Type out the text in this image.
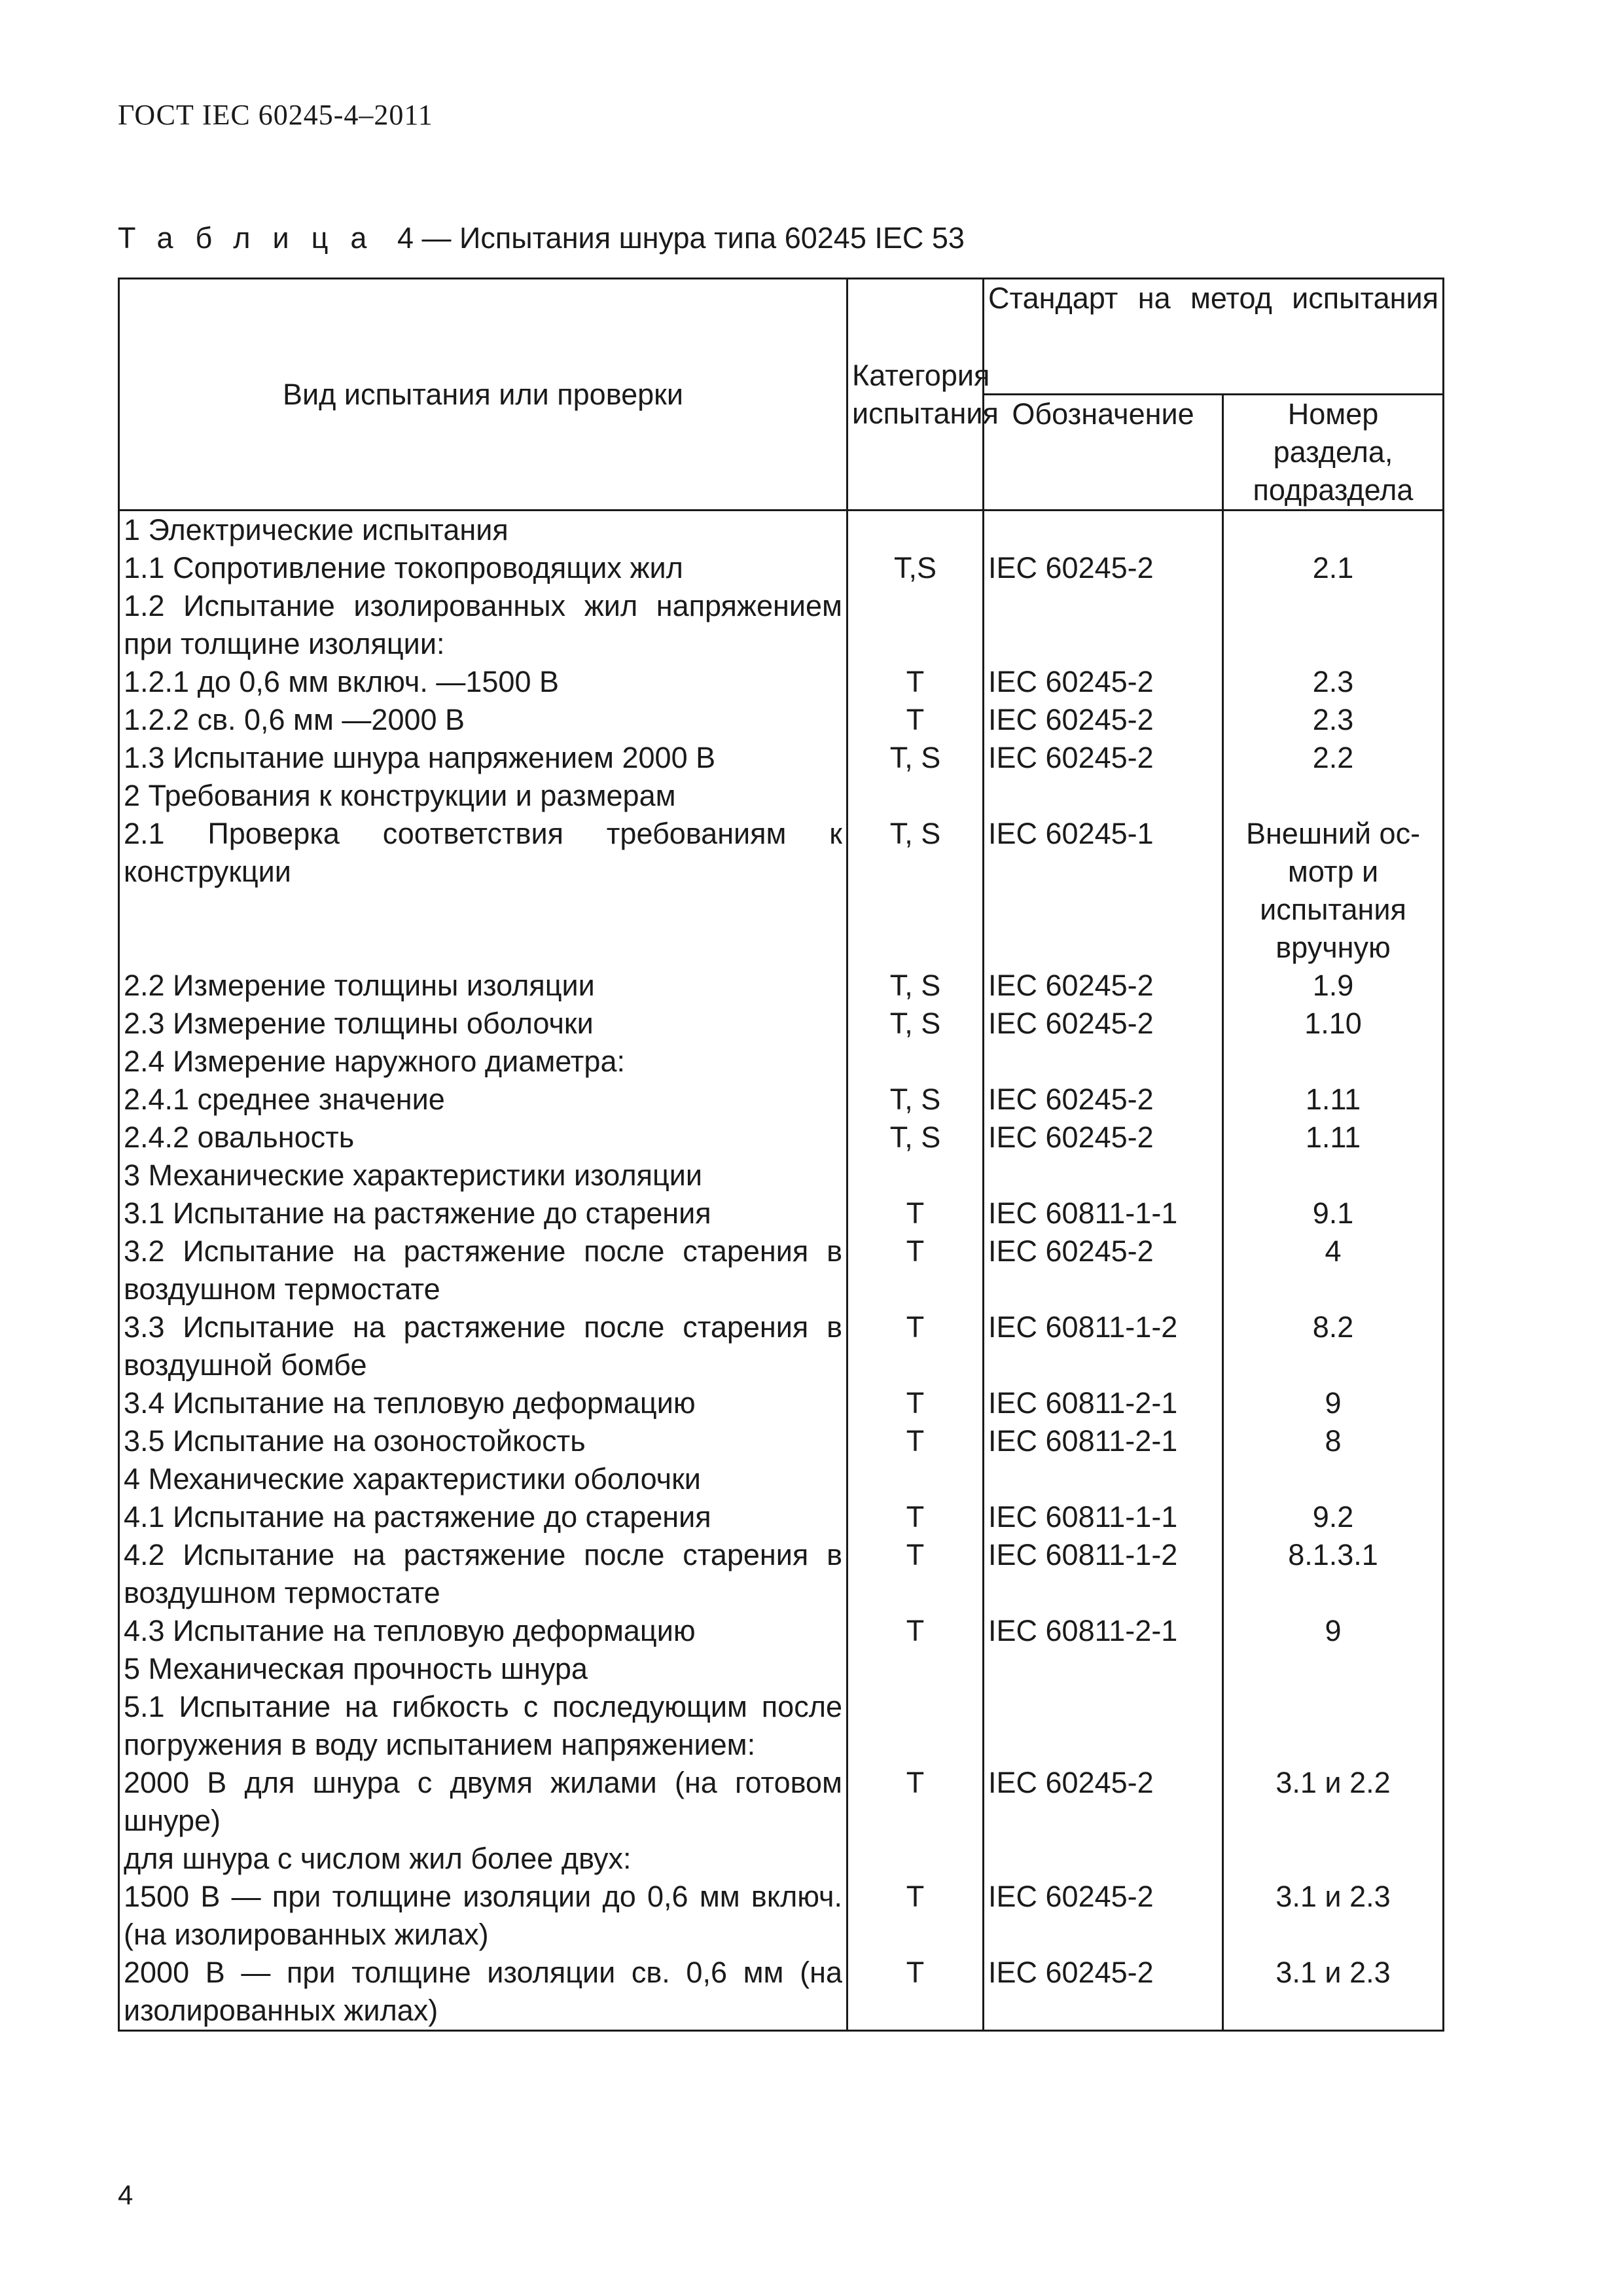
ГОСТ IEC 60245-4–2011
Таблица 4 — Испытания шнура типа 60245 IEC 53
Вид испытания или проверки	Категория испытания	Стандарт на метод испытания	
		Обозначение	Номер раздела, подраздела
1 Электрические испытания			
1.1 Сопротивление токопроводящих жил	T,S	IEC 60245-2	2.1
1.2 Испытание изолированных жил напряжением при толщине изоляции:			
1.2.1 до 0,6 мм включ. —1500 В	T	IEC 60245-2	2.3
1.2.2 св. 0,6 мм —2000 В	T	IEC 60245-2	2.3
1.3 Испытание шнура напряжением 2000 В	T, S	IEC 60245-2	2.2
2 Требования к конструкции и размерам			
2.1 Проверка соответствия требованиям к конструкции	T, S	IEC 60245-1	Внешний ос-мотр и испытания вручную
2.2 Измерение толщины изоляции	T, S	IEC 60245-2	1.9
2.3 Измерение толщины оболочки	T, S	IEC 60245-2	1.10
2.4 Измерение наружного диаметра:			
2.4.1 среднее значение	T, S	IEC 60245-2	1.11
2.4.2 овальность	T, S	IEC 60245-2	1.11
3 Механические характеристики изоляции			
3.1 Испытание на растяжение до старения	T	IEC 60811-1-1	9.1
3.2 Испытание на растяжение после старения в воздушном термостате	T	IEC 60245-2	4
3.3 Испытание на растяжение после старения в воздушной бомбе	T	IEC 60811-1-2	8.2
3.4 Испытание на тепловую деформацию	T	IEC 60811-2-1	9
3.5 Испытание на озоностойкость	T	IEC 60811-2-1	8
4 Механические характеристики оболочки			
4.1 Испытание на растяжение до старения	T	IEC 60811-1-1	9.2
4.2 Испытание на растяжение после старения в воздушном термостате	T	IEC 60811-1-2	8.1.3.1
4.3 Испытание на тепловую деформацию	T	IEC 60811-2-1	9
5 Механическая прочность шнура			
5.1 Испытание на гибкость с последующим после погружения в воду испытанием напряжением:			
2000 В для шнура с двумя жилами (на готовом шнуре)	T	IEC 60245-2	3.1 и 2.2
для шнура с числом жил более двух:			
1500 В — при толщине изоляции до 0,6 мм включ. (на изолированных жилах)	T	IEC 60245-2	3.1 и 2.3
2000 В — при толщине изоляции св. 0,6 мм (на изолированных жилах)	T	IEC 60245-2	3.1 и 2.3
4
